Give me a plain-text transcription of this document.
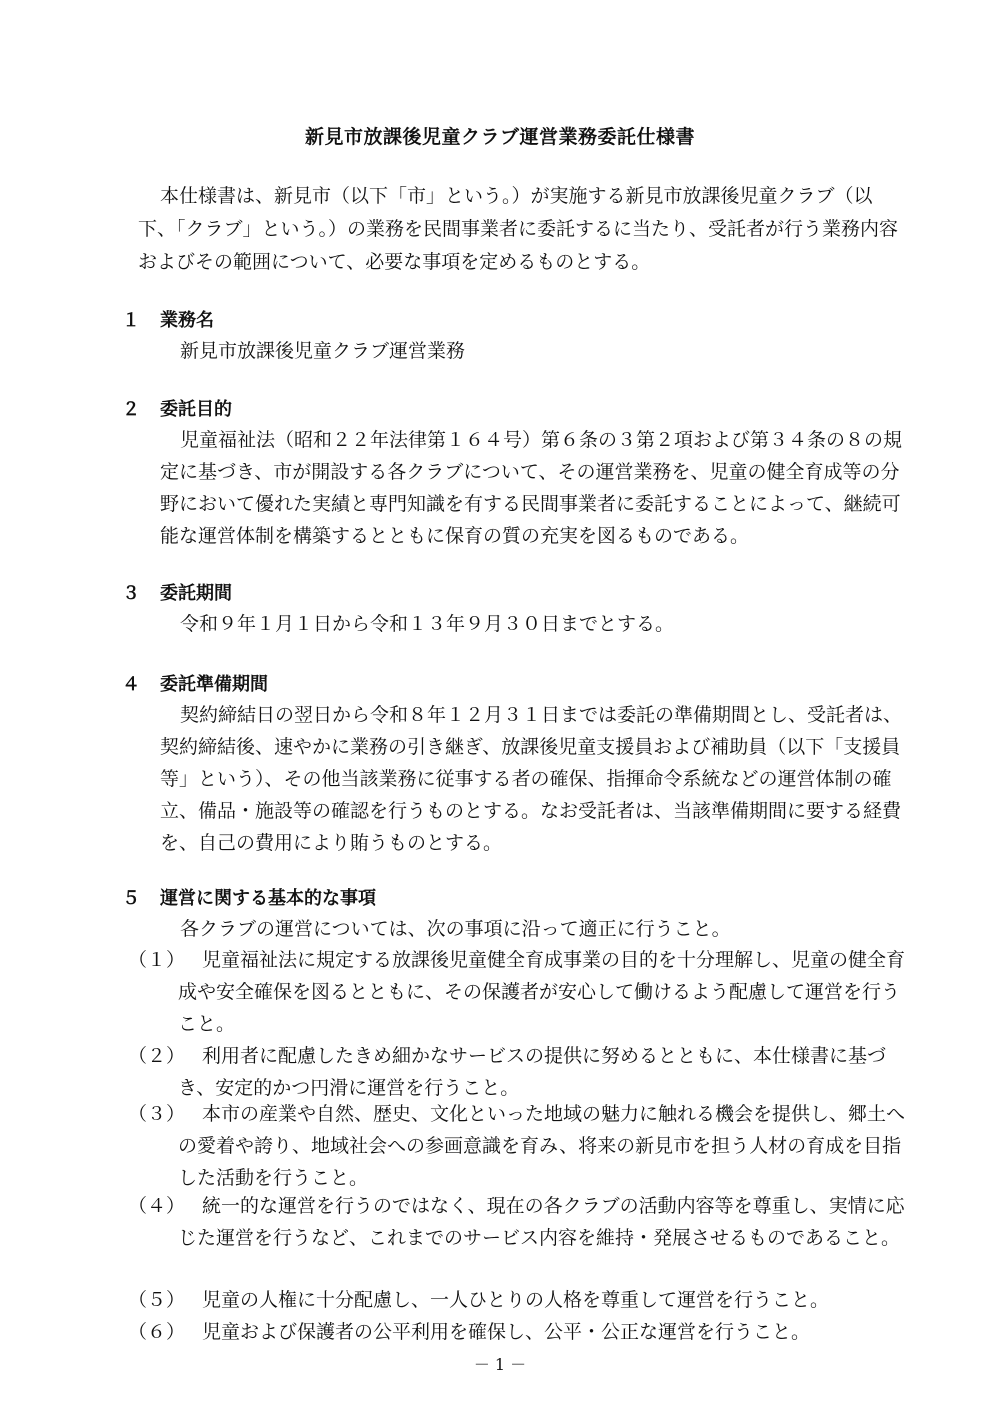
新見市放課後児童クラブ運営業務委託仕様書

本仕様書は、新見市（以下「市」という。）が実施する新見市放課後児童クラブ（以下、「クラブ」という。）の業務を民間事業者に委託するに当たり、受託者が行う業務内容およびその範囲について、必要な事項を定めるものとする。

１ 業務名

新見市放課後児童クラブ運営業務

２ 委託目的

児童福祉法（昭和２２年法律第１６４号）第６条の３第２項および第３４条の８の規定に基づき、市が開設する各クラブについて、その運営業務を、児童の健全育成等の分野において優れた実績と専門知識を有する民間事業者に委託することによって、継続可能な運営体制を構築するとともに保育の質の充実を図るものである。

３ 委託期間

令和９年１月１日から令和１３年９月３０日までとする。

４ 委託準備期間

契約締結日の翌日から令和８年１２月３１日までは委託の準備期間とし、受託者は、契約締結後、速やかに業務の引き継ぎ、放課後児童支援員および補助員（以下「支援員等」という）、その他当該業務に従事する者の確保、指揮命令系統などの運営体制の確立、備品・施設等の確認を行うものとする。なお受託者は、当該準備期間に要する経費を、自己の費用により賄うものとする。

５ 運営に関する基本的な事項

各クラブの運営については、次の事項に沿って適正に行うこと。

（１） 児童福祉法に規定する放課後児童健全育成事業の目的を十分理解し、児童の健全育成や安全確保を図るとともに、その保護者が安心して働けるよう配慮して運営を行うこと。
（２） 利用者に配慮したきめ細かなサービスの提供に努めるとともに、本仕様書に基づき、安定的かつ円滑に運営を行うこと。
（３） 本市の産業や自然、歴史、文化といった地域の魅力に触れる機会を提供し、郷土への愛着や誇り、地域社会への参画意識を育み、将来の新見市を担う人材の育成を目指した活動を行うこと。
（４） 統一的な運営を行うのではなく、現在の各クラブの活動内容等を尊重し、実情に応じた運営を行うなど、これまでのサービス内容を維持・発展させるものであること。
（５） 児童の人権に十分配慮し、一人ひとりの人格を尊重して運営を行うこと。
（６） 児童および保護者の公平利用を確保し、公平・公正な運営を行うこと。
－ 1 －
